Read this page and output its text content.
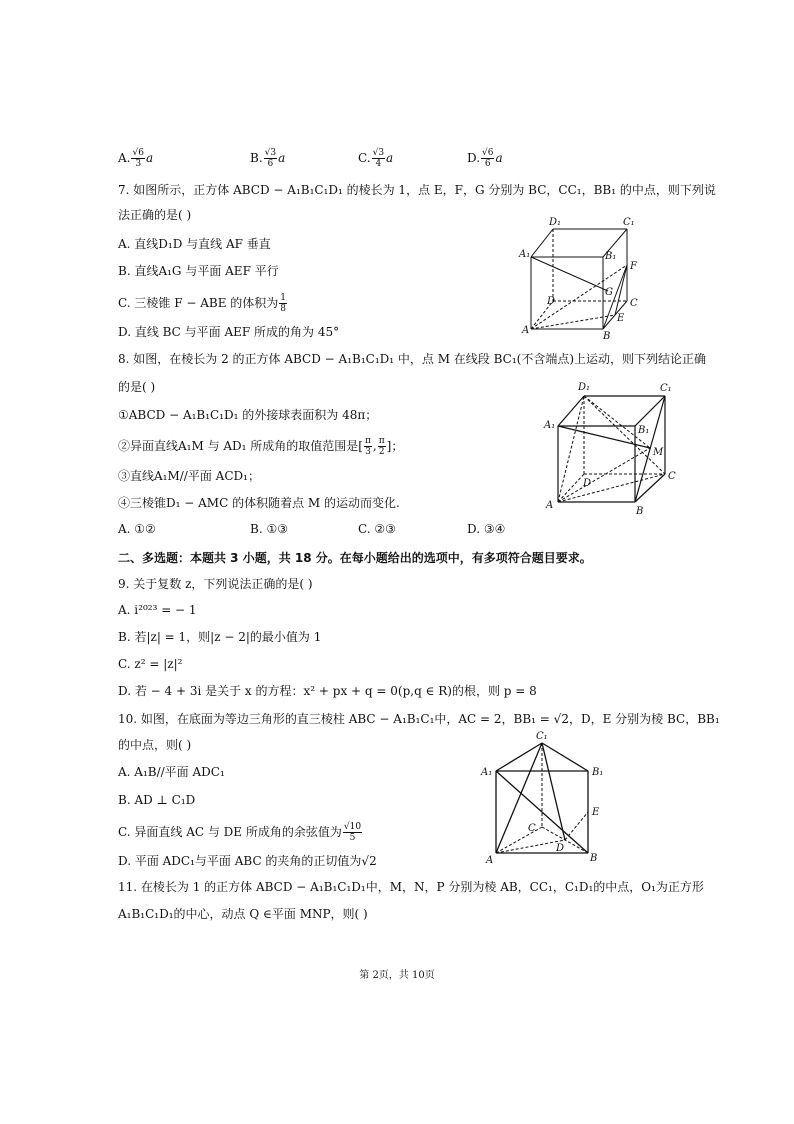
A. $\frac{√6}{3}$ a	B. $\frac{√3}{6}$ a	C. $\frac{√3}{4}$ a	D. $\frac{√6}{6}$ a
7. 如图所示，正方体 ABCD − A₁B₁C₁D₁ 的棱长为 1，点 E，F，G 分别为 BC，CC₁，BB₁ 的中点，则下列说
法正确的是( )
A. 直线D₁D 与直线 AF 垂直
B. 直线A₁G 与平面 AEF 平行
C. 三棱锥 F − ABE 的体积为 $\frac{1}{8}$
D. 直线 BC 与平面 AEF 所成的角为 45°
D₁	C₁
A₁	B₁
F
G
D	C
E
A
B
8. 如图，在棱长为 2 的正方体 ABCD − A₁B₁C₁D₁ 中，点 M 在线段 BC₁(不含端点)上运动，则下列结论正确
的是( )
①ABCD − A₁B₁C₁D₁ 的外接球表面积为 48π；
②异面直线A₁M 与 AD₁ 所成角的取值范围是[ $\frac{\pi}{3}$ , $\frac{\pi}{2}$ ]；
③直线A₁M//平面 ACD₁；
④三棱锥D₁ − AMC 的体积随着点 M 的运动而变化.
A. ①②	B. ①③	C. ②③	D. ③④
D₁	C₁
A₁	B₁
M
C
D
A
B
二、多选题：本题共 3 小题，共 18 分。在每小题给出的选项中，有多项符合题目要求。
9. 关于复数 z，下列说法正确的是( )
A. i²⁰²³ = − 1
B. 若|z| = 1，则|z − 2|的最小值为 1
C. z² = |z|²
D. 若 − 4 + 3i 是关于 x 的方程：x² + px + q = 0(p,q ∈ R)的根，则 p = 8
10. 如图，在底面为等边三角形的直三棱柱 ABC − A₁B₁C₁中，AC = 2，BB₁ = √2，D，E 分别为棱 BC，BB₁
的中点，则( )
A. A₁B//平面 ADC₁
B. AD ⊥ C₁D
C. 异面直线 AC 与 DE 所成角的余弦值为 $\frac{√10}{5}$
D. 平面 ADC₁与平面 ABC 的夹角的正切值为√2
C₁
A₁	B₁
E
C
D
A	B
11. 在棱长为 1 的正方体 ABCD − A₁B₁C₁D₁中，M，N，P 分别为棱 AB，CC₁，C₁D₁的中点，O₁为正方形
A₁B₁C₁D₁的中心，动点 Q ∈平面 MNP，则( )
第 2页，共 10页
